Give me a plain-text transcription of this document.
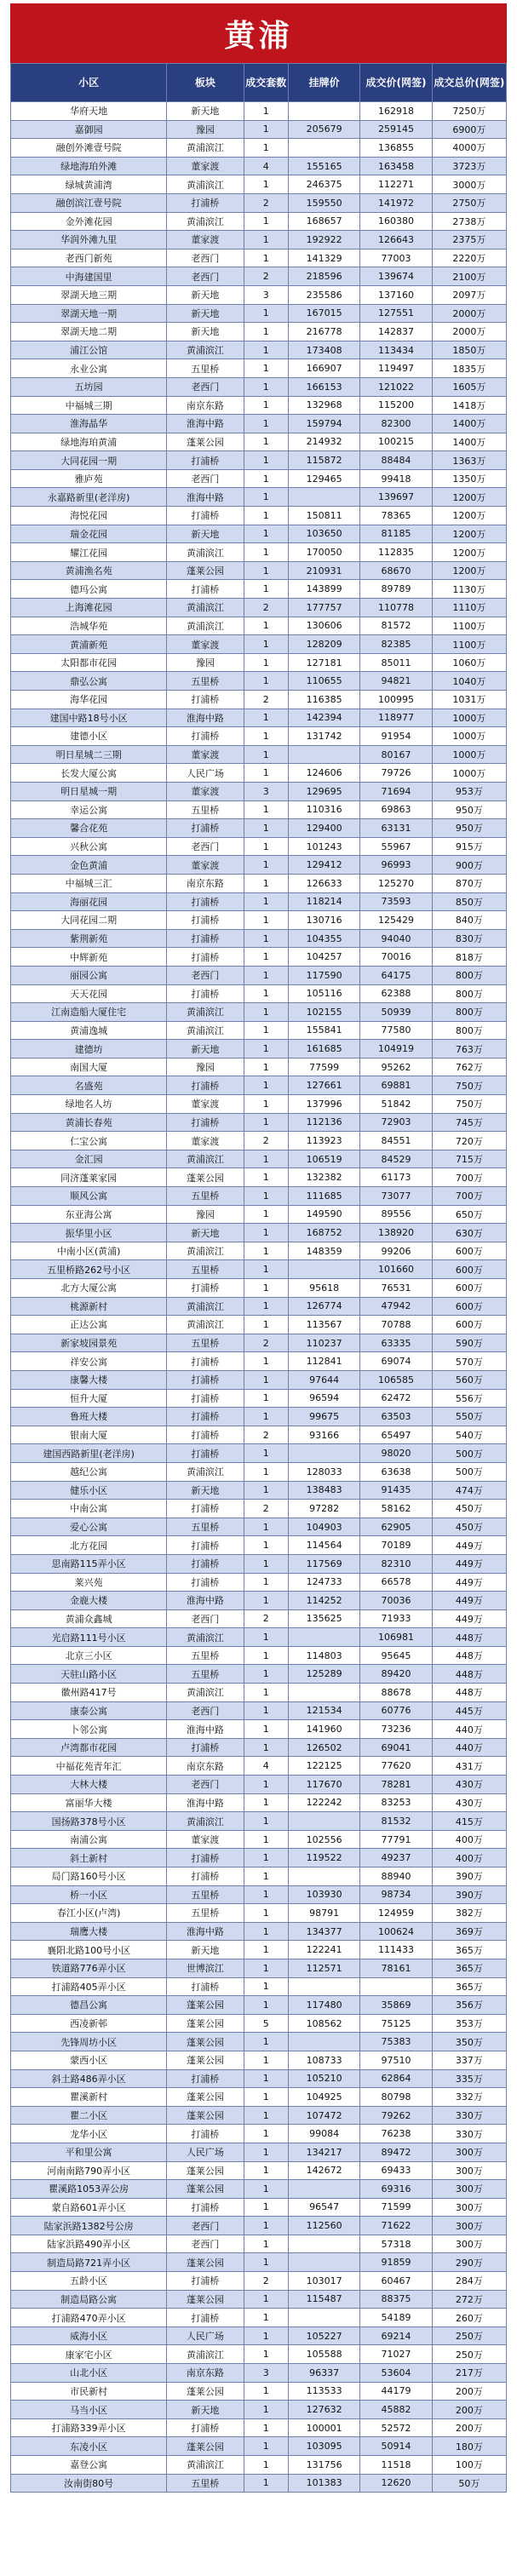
黄浦
小区	板块	成交套数	挂牌价	成交价(网签)	成交总价(网签)
华府天地	新天地	1		162918	7250万
嘉御园	豫园	1	205679	259145	6900万
融创外滩壹号院	黄浦滨江	1		136855	4000万
绿地海珀外滩	董家渡	4	155165	163458	3723万
绿城黄浦湾	黄浦滨江	1	246375	112271	3000万
融创滨江壹号院	打浦桥	2	159550	141972	2750万
金外滩花园	黄浦滨江	1	168657	160380	2738万
华润外滩九里	董家渡	1	192922	126643	2375万
老西门新苑	老西门	1	141329	77003	2220万
中海建国里	老西门	2	218596	139674	2100万
翠湖天地三期	新天地	3	235586	137160	2097万
翠湖天地一期	新天地	1	167015	127551	2000万
翠湖天地二期	新天地	1	216778	142837	2000万
浦江公馆	黄浦滨江	1	173408	113434	1850万
永业公寓	五里桥	1	166907	119497	1835万
五坊园	老西门	1	166153	121022	1605万
中福城三期	南京东路	1	132968	115200	1418万
淮海晶华	淮海中路	1	159794	82300	1400万
绿地海珀黄浦	蓬莱公园	1	214932	100215	1400万
大同花园一期	打浦桥	1	115872	88484	1363万
雅庐苑	老西门	1	129465	99418	1350万
永嘉路新里(老洋房)	淮海中路	1		139697	1200万
海悦花园	打浦桥	1	150811	78365	1200万
瑞金花园	新天地	1	103650	81185	1200万
耀江花园	黄浦滨江	1	170050	112835	1200万
黄浦渔名苑	蓬莱公园	1	210931	68670	1200万
德玛公寓	打浦桥	1	143899	89789	1130万
上海滩花园	黄浦滨江	2	177757	110778	1110万
浩城华苑	黄浦滨江	1	130606	81572	1100万
黄浦新苑	董家渡	1	128209	82385	1100万
太阳都市花园	豫园	1	127181	85011	1060万
鼎弘公寓	五里桥	1	110655	94821	1040万
海华花园	打浦桥	2	116385	100995	1031万
建国中路18号小区	淮海中路	1	142394	118977	1000万
建德小区	打浦桥	1	131742	91954	1000万
明日星城二三期	董家渡	1		80167	1000万
长发大厦公寓	人民广场	1	124606	79726	1000万
明日星城一期	董家渡	3	129695	71694	953万
幸运公寓	五里桥	1	110316	69863	950万
馨合花苑	打浦桥	1	129400	63131	950万
兴秋公寓	老西门	1	101243	55967	915万
金色黄浦	董家渡	1	129412	96993	900万
中福城三汇	南京东路	1	126633	125270	870万
海丽花园	打浦桥	1	118214	73593	850万
大同花园二期	打浦桥	1	130716	125429	840万
紫荆新苑	打浦桥	1	104355	94040	830万
中辉新苑	打浦桥	1	104257	70016	818万
丽园公寓	老西门	1	117590	64175	800万
天天花园	打浦桥	1	105116	62388	800万
江南造船大厦住宅	黄浦滨江	1	102155	50939	800万
黄浦逸城	黄浦滨江	1	155841	77580	800万
建德坊	新天地	1	161685	104919	763万
南国大厦	豫园	1	77599	95262	762万
名盛苑	打浦桥	1	127661	69881	750万
绿地名人坊	董家渡	1	137996	51842	750万
黄浦长春苑	打浦桥	1	112136	72903	745万
仁宝公寓	董家渡	2	113923	84551	720万
金汇园	黄浦滨江	1	106519	84529	715万
同济蓬莱家园	蓬莱公园	1	132382	61173	700万
顺风公寓	五里桥	1	111685	73077	700万
东亚海公寓	豫园	1	149590	89556	650万
振华里小区	新天地	1	168752	138920	630万
中南小区(黄浦)	黄浦滨江	1	148359	99206	600万
五里桥路262号小区	五里桥	1		101660	600万
北方大厦公寓	打浦桥	1	95618	76531	600万
桃源新村	黄浦滨江	1	126774	47942	600万
正达公寓	黄浦滨江	1	113567	70788	600万
新家坡园景苑	五里桥	2	110237	63335	590万
祥安公寓	打浦桥	1	112841	69074	570万
康馨大楼	打浦桥	1	97644	106585	560万
恒升大厦	打浦桥	1	96594	62472	556万
鲁班大楼	打浦桥	1	99675	63503	550万
银南大厦	打浦桥	2	93166	65497	540万
建国西路新里(老洋房)	打浦桥	1		98020	500万
越纪公寓	黄浦滨江	1	128033	63638	500万
健乐小区	新天地	1	138483	91435	474万
中南公寓	打浦桥	2	97282	58162	450万
爱心公寓	五里桥	1	104903	62905	450万
北方花园	打浦桥	1	114564	70189	449万
思南路115弄小区	打浦桥	1	117569	82310	449万
莱兴苑	打浦桥	1	124733	66578	449万
金鹿大楼	淮海中路	1	114252	70036	449万
黄浦众鑫城	老西门	2	135625	71933	449万
光启路111号小区	黄浦滨江	1		106981	448万
北京三小区	五里桥	1	114803	95645	448万
天驻山路小区	五里桥	1	125289	89420	448万
徽州路417号	黄浦滨江	1		88678	448万
康泰公寓	老西门	1	121534	60776	445万
卜邻公寓	淮海中路	1	141960	73236	440万
卢湾都市花园	打浦桥	1	126502	69041	440万
中福花苑青年汇	南京东路	4	122125	77620	431万
大林大楼	老西门	1	117670	78281	430万
富丽华大楼	淮海中路	1	122242	83253	430万
国扬路378号小区	黄浦滨江	1		81532	415万
南浦公寓	董家渡	1	102556	77791	400万
斜土新村	打浦桥	1	119522	49237	400万
局门路160号小区	打浦桥	1		88940	390万
桥一小区	五里桥	1	103930	98734	390万
春江小区(卢湾)	五里桥	1	98791	124959	382万
瑞鹰大楼	淮海中路	1	134377	100624	369万
襄阳北路100号小区	新天地	1	122241	111433	365万
铁道路776弄小区	世博滨江	1	112571	78161	365万
打浦路405弄小区	打浦桥	1			365万
德昌公寓	蓬莱公园	1	117480	35869	356万
西凌新邨	蓬莱公园	5	108562	75125	353万
先锋周坊小区	蓬莱公园	1		75383	350万
蒙西小区	蓬莱公园	1	108733	97510	337万
斜土路486弄小区	打浦桥	1	105210	62864	335万
瞿溪新村	蓬莱公园	1	104925	80798	332万
瞿二小区	蓬莱公园	1	107472	79262	330万
龙华小区	打浦桥	1	99084	76238	330万
平和里公寓	人民广场	1	134217	89472	300万
河南南路790弄小区	蓬莱公园	1	142672	69433	300万
瞿溪路1053弄公房	蓬莱公园	1		69316	300万
蒙自路601弄小区	打浦桥	1	96547	71599	300万
陆家浜路1382号公房	老西门	1	112560	71622	300万
陆家浜路490弄小区	老西门	1		57318	300万
制造局路721弄小区	蓬莱公园	1		91859	290万
五龄小区	打浦桥	2	103017	60467	284万
制造局路公寓	蓬莱公园	1	115487	88375	272万
打浦路470弄小区	打浦桥	1		54189	260万
威海小区	人民广场	1	105227	69214	250万
康家宅小区	黄浦滨江	1	105588	71027	250万
山北小区	南京东路	3	96337	53604	217万
市民新村	蓬莱公园	1	113533	44179	200万
马当小区	新天地	1	127632	45882	200万
打浦路339弄小区	打浦桥	1	100001	52572	200万
东凌小区	蓬莱公园	1	103095	50914	180万
嘉登公寓	黄浦滨江	1	131756	11518	100万
汝南街80号	五里桥	1	101383	12620	50万
